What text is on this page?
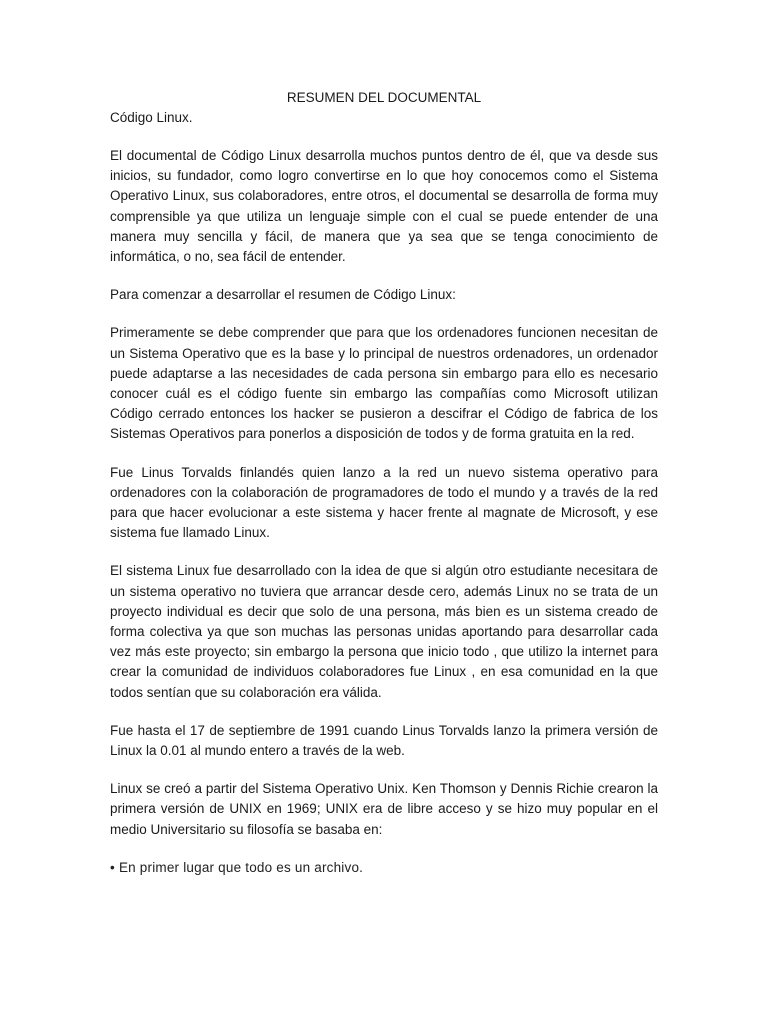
RESUMEN DEL DOCUMENTAL

Código Linux.

El documental de Código Linux desarrolla muchos puntos dentro de él, que va desde sus inicios, su fundador, como logro convertirse en lo que hoy conocemos como el Sistema Operativo Linux, sus colaboradores, entre otros, el documental se desarrolla de forma muy comprensible ya que utiliza un lenguaje simple con el cual se puede entender de una manera muy sencilla y fácil, de manera que ya sea que se tenga conocimiento de informática, o no, sea fácil de entender.

Para comenzar a desarrollar el resumen de Código Linux:

Primeramente se debe comprender que para que los ordenadores funcionen necesitan de un Sistema Operativo que es la base y lo principal de nuestros ordenadores, un ordenador puede adaptarse a las necesidades de cada persona sin embargo para ello es necesario conocer cuál es el código fuente sin embargo las compañías como Microsoft utilizan Código cerrado entonces los hacker se pusieron a descifrar el Código de fabrica de los Sistemas Operativos para ponerlos a disposición de todos y de forma gratuita en la red.

Fue Linus Torvalds finlandés quien lanzo a la red un nuevo sistema operativo para ordenadores con la colaboración de programadores de todo el mundo y a través de la red para que hacer evolucionar a este sistema y hacer frente al magnate de Microsoft, y ese sistema fue llamado Linux.

El sistema Linux fue desarrollado con la idea de que si algún otro estudiante necesitara de un sistema operativo no tuviera que arrancar desde cero, además Linux no se trata de un proyecto individual es decir que solo de una persona, más bien es un sistema creado de forma colectiva ya que son muchas las personas unidas aportando para desarrollar cada vez más este proyecto; sin embargo la persona que inicio todo , que utilizo la internet para crear la comunidad de individuos colaboradores fue Linux , en esa comunidad en la que todos sentían que su colaboración era válida.

Fue hasta el 17 de septiembre de 1991 cuando Linus Torvalds lanzo la primera versión de Linux la 0.01 al mundo entero a través de la web.

Linux se creó a partir del Sistema Operativo Unix. Ken Thomson y Dennis Richie crearon la primera versión de UNIX en 1969; UNIX era de libre acceso y se hizo muy popular en el medio Universitario su filosofía se basaba en:

• En primer lugar que todo es un archivo.
